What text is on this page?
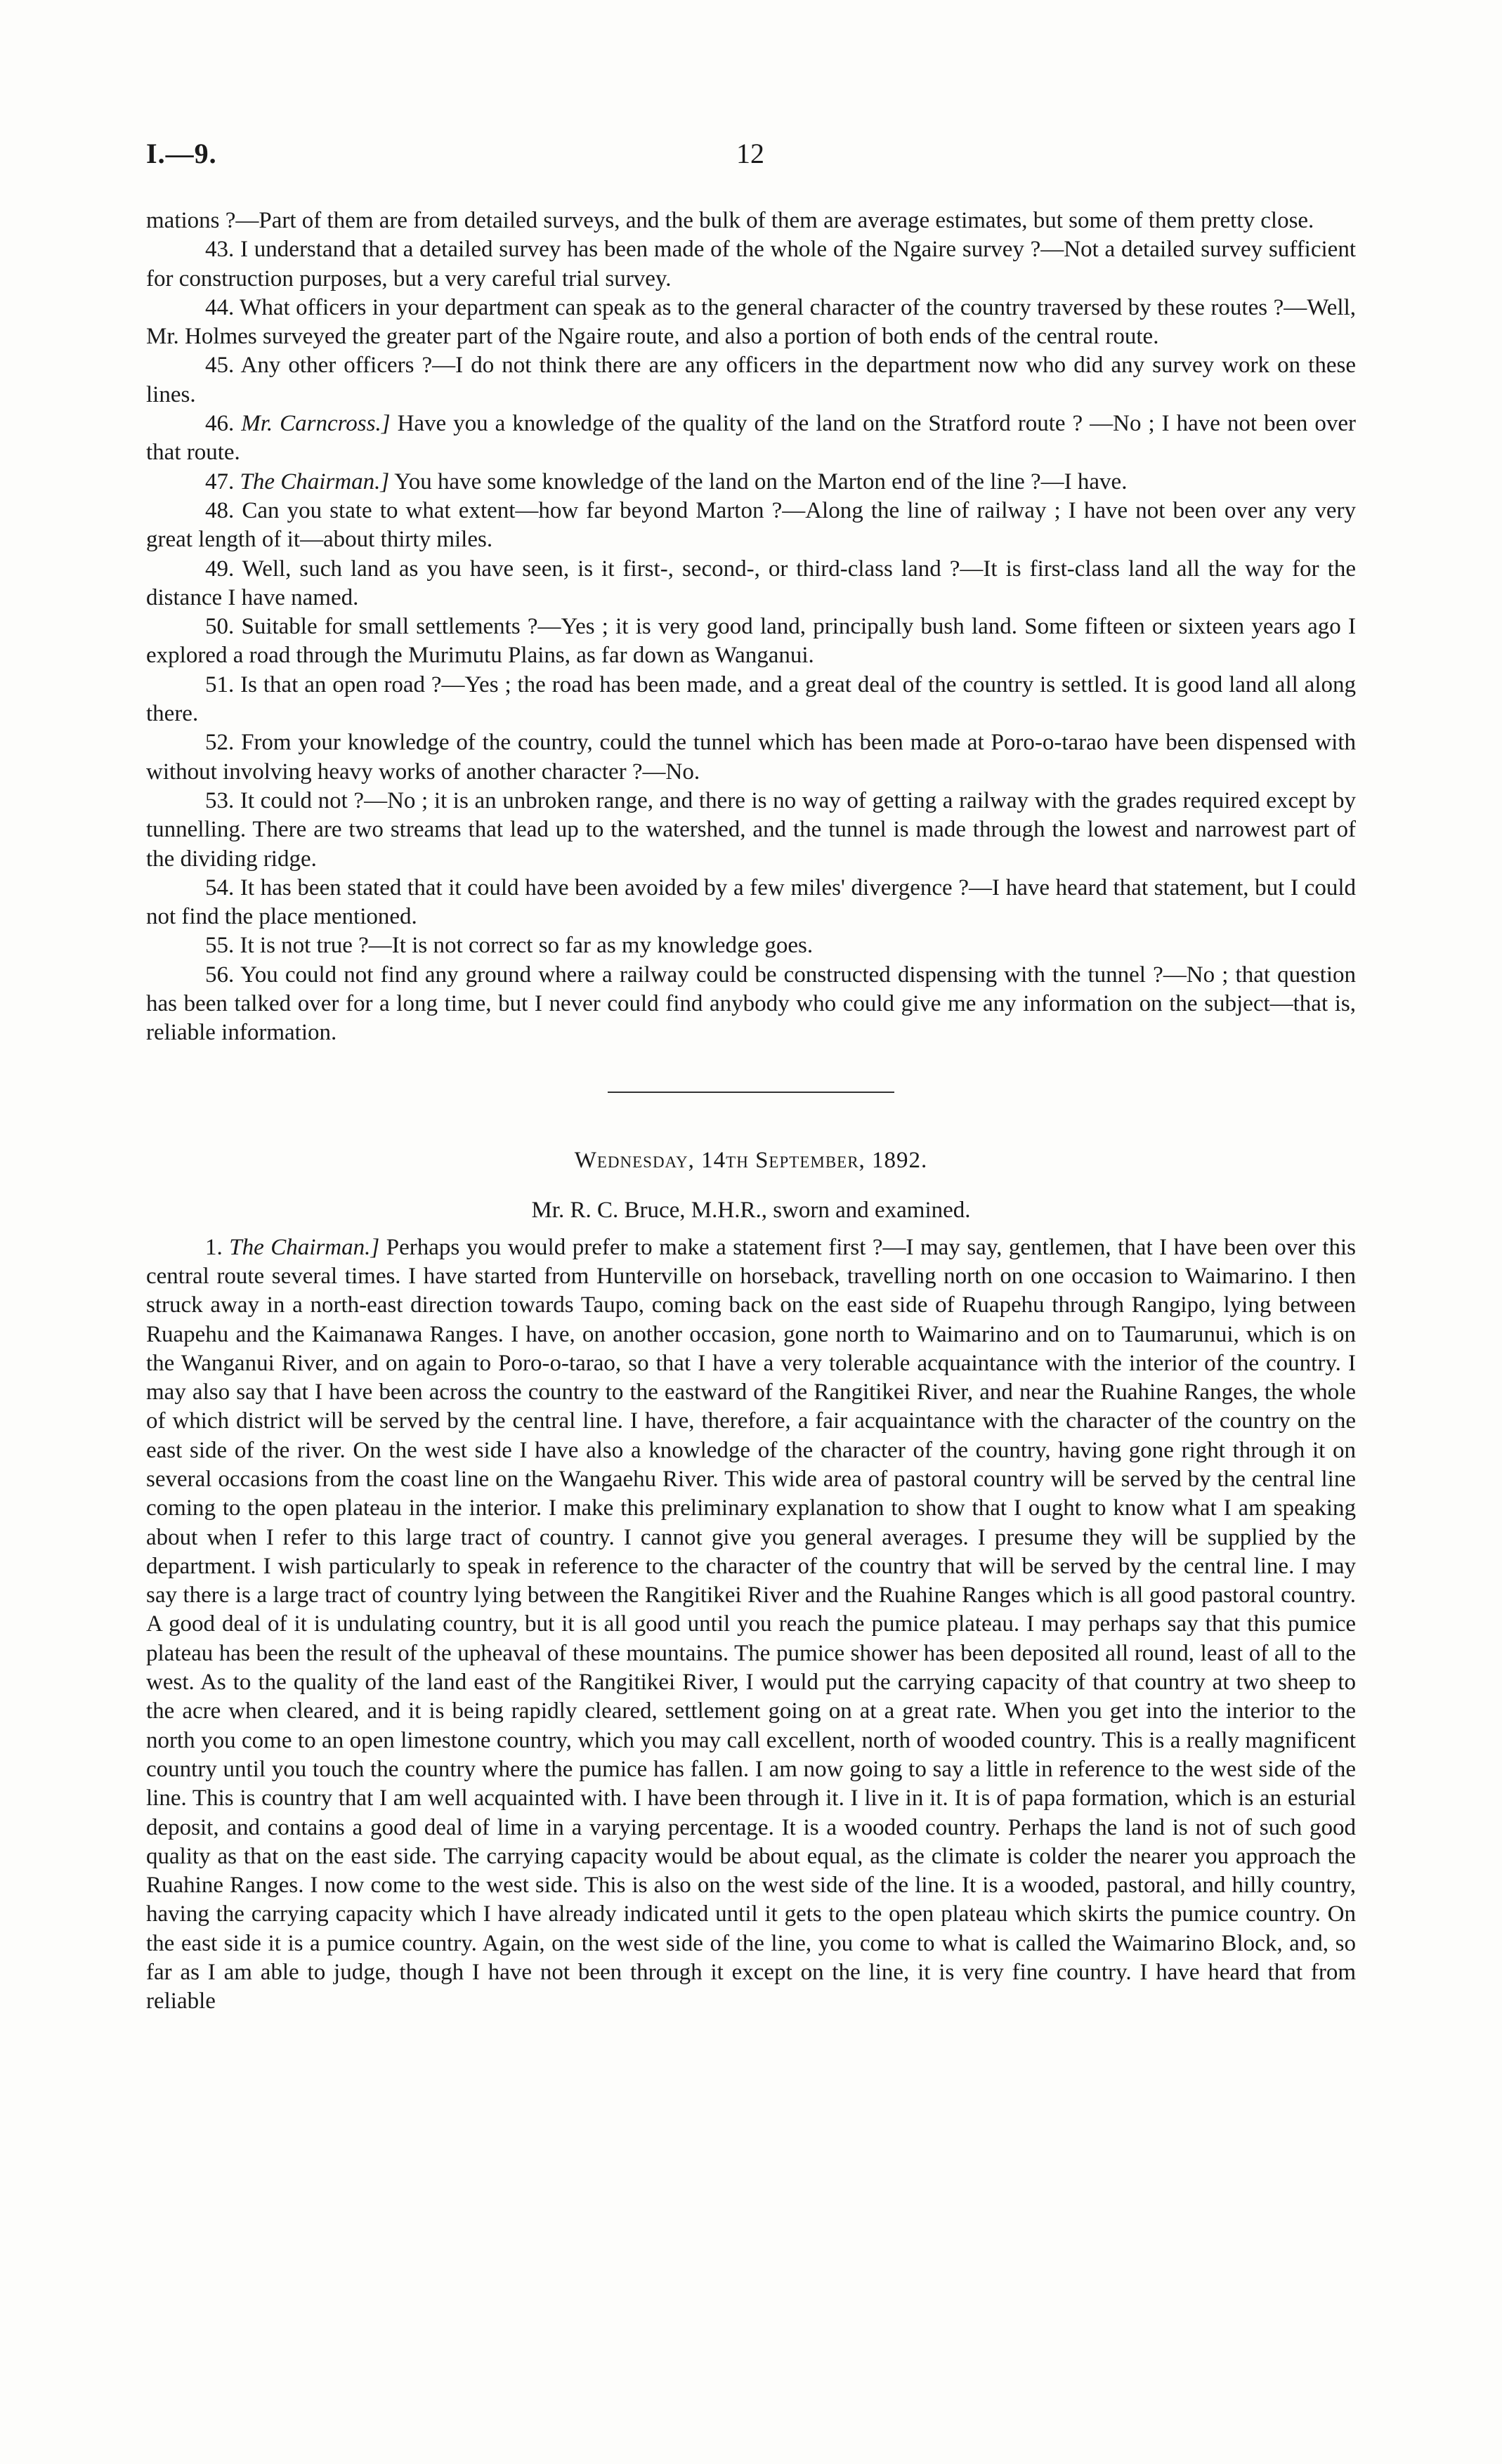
I.—9.	12

mations ?—Part of them are from detailed surveys, and the bulk of them are average estimates, but some of them pretty close.

43. I understand that a detailed survey has been made of the whole of the Ngaire survey ?—Not a detailed survey sufficient for construction purposes, but a very careful trial survey.

44. What officers in your department can speak as to the general character of the country traversed by these routes ?—Well, Mr. Holmes surveyed the greater part of the Ngaire route, and also a portion of both ends of the central route.

45. Any other officers ?—I do not think there are any officers in the department now who did any survey work on these lines.

46. Mr. Carncross.] Have you a knowledge of the quality of the land on the Stratford route ? —No ; I have not been over that route.

47. The Chairman.] You have some knowledge of the land on the Marton end of the line ?—I have.

48. Can you state to what extent—how far beyond Marton ?—Along the line of railway ; I have not been over any very great length of it—about thirty miles.

49. Well, such land as you have seen, is it first-, second-, or third-class land ?—It is first-class land all the way for the distance I have named.

50. Suitable for small settlements ?—Yes ; it is very good land, principally bush land. Some fifteen or sixteen years ago I explored a road through the Murimutu Plains, as far down as Wanganui.

51. Is that an open road ?—Yes ; the road has been made, and a great deal of the country is settled. It is good land all along there.

52. From your knowledge of the country, could the tunnel which has been made at Poro-o-tarao have been dispensed with without involving heavy works of another character ?—No.

53. It could not ?—No ; it is an unbroken range, and there is no way of getting a railway with the grades required except by tunnelling. There are two streams that lead up to the watershed, and the tunnel is made through the lowest and narrowest part of the dividing ridge.

54. It has been stated that it could have been avoided by a few miles' divergence ?—I have heard that statement, but I could not find the place mentioned.

55. It is not true ?—It is not correct so far as my knowledge goes.

56. You could not find any ground where a railway could be constructed dispensing with the tunnel ?—No ; that question has been talked over for a long time, but I never could find anybody who could give me any information on the subject—that is, reliable information.

Wednesday, 14th September, 1892.
Mr. R. C. Bruce, M.H.R., sworn and examined.

1. The Chairman.] Perhaps you would prefer to make a statement first ?—I may say, gentlemen, that I have been over this central route several times. I have started from Hunterville on horseback, travelling north on one occasion to Waimarino. I then struck away in a north-east direction towards Taupo, coming back on the east side of Ruapehu through Rangipo, lying between Ruapehu and the Kaimanawa Ranges. I have, on another occasion, gone north to Waimarino and on to Taumarunui, which is on the Wanganui River, and on again to Poro-o-tarao, so that I have a very tolerable acquaintance with the interior of the country. I may also say that I have been across the country to the eastward of the Rangitikei River, and near the Ruahine Ranges, the whole of which district will be served by the central line. I have, therefore, a fair acquaintance with the character of the country on the east side of the river. On the west side I have also a knowledge of the character of the country, having gone right through it on several occasions from the coast line on the Wangaehu River. This wide area of pastoral country will be served by the central line coming to the open plateau in the interior. I make this preliminary explanation to show that I ought to know what I am speaking about when I refer to this large tract of country. I cannot give you general averages. I presume they will be supplied by the department. I wish particularly to speak in reference to the character of the country that will be served by the central line. I may say there is a large tract of country lying between the Rangitikei River and the Ruahine Ranges which is all good pastoral country. A good deal of it is undulating country, but it is all good until you reach the pumice plateau. I may perhaps say that this pumice plateau has been the result of the upheaval of these mountains. The pumice shower has been deposited all round, least of all to the west. As to the quality of the land east of the Rangitikei River, I would put the carrying capacity of that country at two sheep to the acre when cleared, and it is being rapidly cleared, settlement going on at a great rate. When you get into the interior to the north you come to an open limestone country, which you may call excellent, north of wooded country. This is a really magnificent country until you touch the country where the pumice has fallen. I am now going to say a little in reference to the west side of the line. This is country that I am well acquainted with. I have been through it. I live in it. It is of papa formation, which is an esturial deposit, and contains a good deal of lime in a varying percentage. It is a wooded country. Perhaps the land is not of such good quality as that on the east side. The carrying capacity would be about equal, as the climate is colder the nearer you approach the Ruahine Ranges. I now come to the west side. This is also on the west side of the line. It is a wooded, pastoral, and hilly country, having the carrying capacity which I have already indicated until it gets to the open plateau which skirts the pumice country. On the east side it is a pumice country. Again, on the west side of the line, you come to what is called the Waimarino Block, and, so far as I am able to judge, though I have not been through it except on the line, it is very fine country. I have heard that from reliable
